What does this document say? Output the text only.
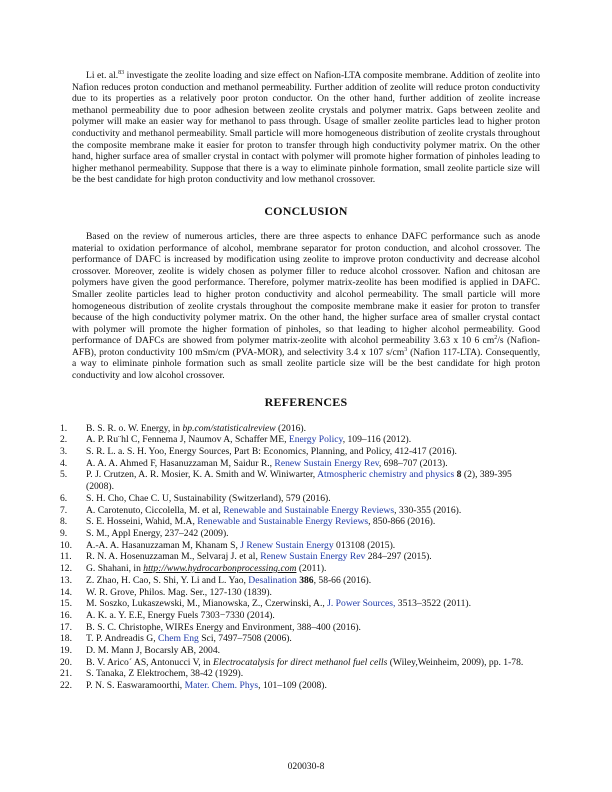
Li et. al.$^{83}$ investigate the zeolite loading and size effect on Nafion-LTA composite membrane. Addition of zeolite into Nafion reduces proton conduction and methanol permeability. Further addition of zeolite will reduce proton conductivity due to its properties as a relatively poor proton conductor. On the other hand, further addition of zeolite increase methanol permeability due to poor adhesion between zeolite crystals and polymer matrix. Gaps between zeolite and polymer will make an easier way for methanol to pass through. Usage of smaller zeolite particles lead to higher proton conductivity and methanol permeability. Small particle will more homogeneous distribution of zeolite crystals throughout the composite membrane make it easier for proton to transfer through high conductivity polymer matrix. On the other hand, higher surface area of smaller crystal in contact with polymer will promote higher formation of pinholes leading to higher methanol permeability. Suppose that there is a way to eliminate pinhole formation, small zeolite particle size will be the best candidate for high proton conductivity and low methanol crossover.

CONCLUSION

Based on the review of numerous articles, there are three aspects to enhance DAFC performance such as anode material to oxidation performance of alcohol, membrane separator for proton conduction, and alcohol crossover. The performance of DAFC is increased by modification using zeolite to improve proton conductivity and decrease alcohol crossover. Moreover, zeolite is widely chosen as polymer filler to reduce alcohol crossover. Nafion and chitosan are polymers have given the good performance. Therefore, polymer matrix-zeolite has been modified is applied in DAFC. Smaller zeolite particles lead to higher proton conductivity and alcohol permeability. The small particle will more homogeneous distribution of zeolite crystals throughout the composite membrane make it easier for proton to transfer because of the high conductivity polymer matrix. On the other hand, the higher surface area of smaller crystal contact with polymer will promote the higher formation of pinholes, so that leading to higher alcohol permeability. Good performance of DAFCs are showed from polymer matrix-zeolite with alcohol permeability 3.63 x 10 6 $cm^2/s$ (Nafion-AFB), proton conductivity 100 mSm/cm (PVA-MOR), and selectivity 3.4 x 107 $s/cm^3$ (Nafion 117-LTA). Consequently, a way to eliminate pinhole formation such as small zeolite particle size will be the best candidate for high proton conductivity and low alcohol crossover.

REFERENCES
1. B. S. R. o. W. Energy, in bp.com/statisticalreview (2016).
2. A. P. Ru¨hl C, Fennema J, Naumov A, Schaffer ME, Energy Policy, 109–116 (2012).
3. S. R. L. a. S. H. Yoo, Energy Sources, Part B: Economics, Planning, and Policy, 412-417 (2016).
4. A. A. A. Ahmed F, Hasanuzzaman M, Saidur R., Renew Sustain Energy Rev, 698–707 (2013).
5. P. J. Crutzen, A. R. Mosier, K. A. Smith and W. Winiwarter, Atmospheric chemistry and physics 8 (2), 389-395 (2008).
6. S. H. Cho, Chae C. U, Sustainability (Switzerland), 579 (2016).
7. A. Carotenuto, Ciccolella, M. et al, Renewable and Sustainable Energy Reviews, 330-355 (2016).
8. S. E. Hosseini, Wahid, M.A, Renewable and Sustainable Energy Reviews, 850-866 (2016).
9. S. M., Appl Energy, 237–242 (2009).
10. A.-A. A. Hasanuzzaman M, Khanam S, J Renew Sustain Energy 013108 (2015).
11. R. N. A. Hosenuzzaman M., Selvaraj J. et al, Renew Sustain Energy Rev 284–297 (2015).
12. G. Shahani, in http://www.hydrocarbonprocessing.com (2011).
13. Z. Zhao, H. Cao, S. Shi, Y. Li and L. Yao, Desalination 386, 58-66 (2016).
14. W. R. Grove, Philos. Mag. Ser., 127-130 (1839).
15. M. Soszko, Lukaszewski, M., Mianowska, Z., Czerwinski, A., J. Power Sources, 3513–3522 (2011).
16. A. K. a. Y. E.E, Energy Fuels 7303−7330 (2014).
17. B. S. C. Christophe, WIREs Energy and Environment, 388–400 (2016).
18. T. P. Andreadis G, Chem Eng Sci, 7497–7508 (2006).
19. D. M. Mann J, Bocarsly AB, 2004.
20. B. V. Arico´ AS, Antonucci V, in Electrocatalysis for direct methanol fuel cells (Wiley,Weinheim, 2009), pp. 1-78.
21. S. Tanaka, Z Elektrochem, 38-42 (1929).
22. P. N. S. Easwaramoorthi, Mater. Chem. Phys, 101–109 (2008).
020030-8
